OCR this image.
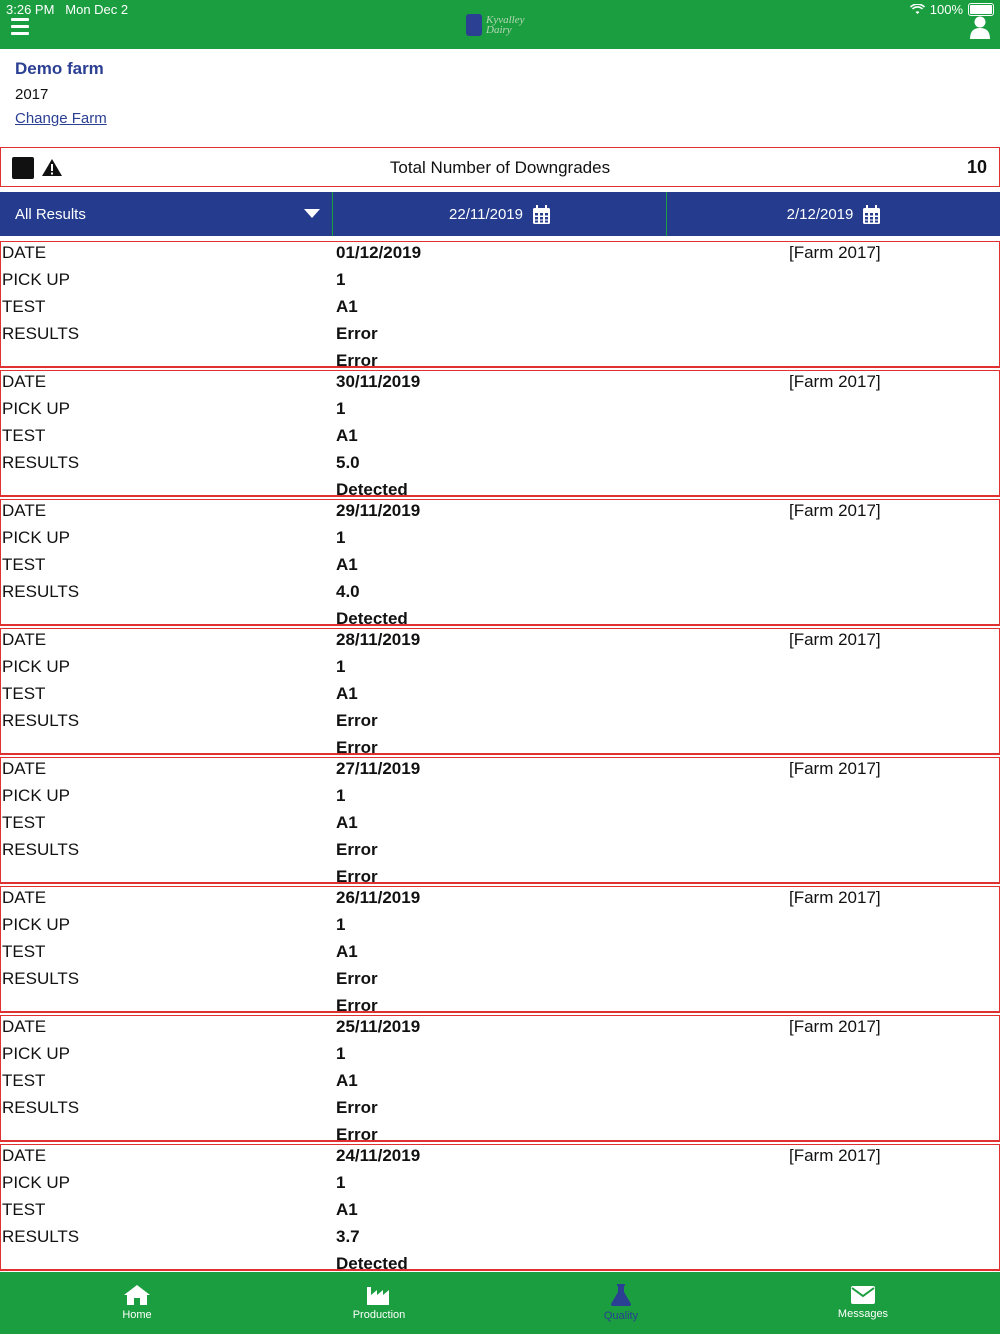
3:26 PM Mon Dec 2	100%
Kyvalley
Dairy
Demo farm
2017
Change Farm
Total Number of Downgrades	10
All Results	22/11/2019	2/12/2019
DATE	01/12/2019	[Farm 2017]
PICK UP	1
TEST	A1
RESULTS	Error
Error
DATE	30/11/2019	[Farm 2017]
PICK UP	1
TEST	A1
RESULTS	5.0
Detected
DATE	29/11/2019	[Farm 2017]
PICK UP	1
TEST	A1
RESULTS	4.0
Detected
DATE	28/11/2019	[Farm 2017]
PICK UP	1
TEST	A1
RESULTS	Error
Error
DATE	27/11/2019	[Farm 2017]
PICK UP	1
TEST	A1
RESULTS	Error
Error
DATE	26/11/2019	[Farm 2017]
PICK UP	1
TEST	A1
RESULTS	Error
Error
DATE	25/11/2019	[Farm 2017]
PICK UP	1
TEST	A1
RESULTS	Error
Error
DATE	24/11/2019	[Farm 2017]
PICK UP	1
TEST	A1
RESULTS	3.7
Detected
Home	Production	Quality	Messages
